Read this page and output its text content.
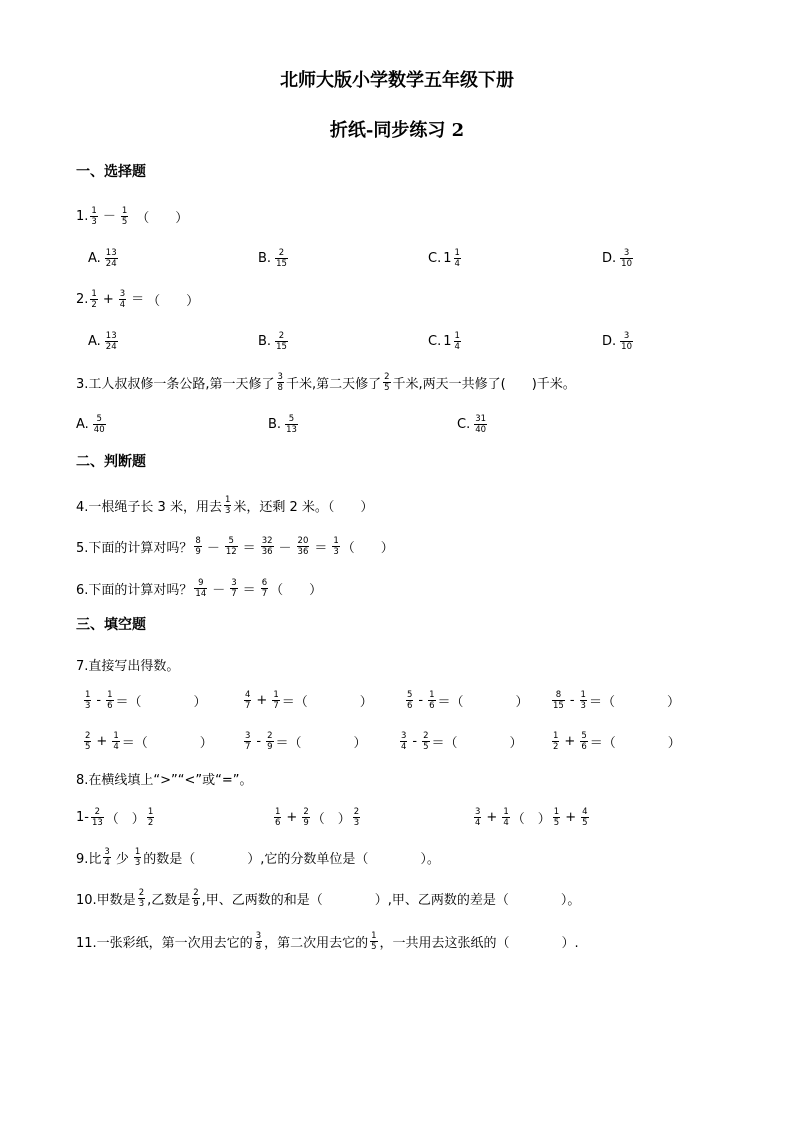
北师大版小学数学五年级下册
折纸-同步练习 2
一、选择题
1. $\frac{1}{3} - \frac{1}{5}$ （　　）
A. $\frac{13}{24}$	B. $\frac{2}{15}$	C. $1 \frac{1}{4}$	D. $\frac{3}{10}$
2. $\frac{1}{2} + \frac{3}{4}$ ＝ （　　）
A. $\frac{13}{24}$	B. $\frac{2}{15}$	C. $1 \frac{1}{4}$	D. $\frac{3}{10}$
3.工人叔叔修一条公路,第一天修了 $\frac{3}{8}$ 千米,第二天修了 $\frac{2}{5}$ 千米,两天一共修了(　　)千米。
A. $\frac{5}{40}$	B. $\frac{5}{13}$	C. $\frac{31}{40}$
二、判断题
4.一根绳子长 3 米，用去 $\frac{1}{3}$ 米，还剩 2 米。（　　）
5.下面的计算对吗？ $\frac{8}{9} - \frac{5}{12} = \frac{32}{36} - \frac{20}{36} = \frac{1}{3}$ （　　）
6.下面的计算对吗？ $\frac{9}{14} - \frac{3}{7} = \frac{6}{7}$ （　　）
三、填空题
7.直接写出得数。
$\frac{1}{3} - \frac{1}{6}$ ＝（　　　　）	$\frac{4}{7} + \frac{1}{7}$ ＝（　　　　）	$\frac{5}{6} - \frac{1}{6}$ ＝（　　　　）	$\frac{8}{15} - \frac{1}{3}$ ＝（　　　　）
$\frac{2}{5} + \frac{1}{4}$ ＝（　　　　）	$\frac{3}{7} - \frac{2}{9}$ ＝（　　　　）	$\frac{3}{4} - \frac{2}{5}$ ＝（　　　　）	$\frac{1}{2} + \frac{5}{6}$ ＝（　　　　）
8.在横线填上“>”“<”或“=”。
$1- \frac{2}{13}$ （　） $\frac{1}{2}$	$\frac{1}{6} + \frac{2}{9}$ （　） $\frac{2}{3}$	$\frac{3}{4} + \frac{1}{4}$ （　） $\frac{1}{5} + \frac{4}{5}$
9.比 $\frac{3}{4}$ 少 $\frac{1}{3}$ 的数是（　　　　）,它的分数单位是（　　　　）。
10.甲数是 $\frac{2}{3}$ ,乙数是 $\frac{2}{9}$ ,甲、乙两数的和是（　　　　）,甲、乙两数的差是（　　　　）。
11.一张彩纸，第一次用去它的 $\frac{3}{8}$ ，第二次用去它的 $\frac{1}{5}$ ，一共用去这张纸的（　　　　）.
